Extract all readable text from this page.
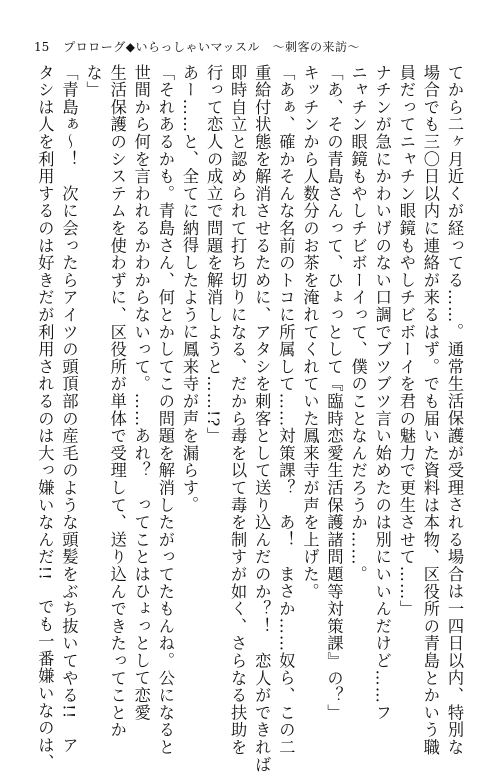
15 プロローグ◆いらっしゃいマッスル　〜刺客の来訪〜
てから二ヶ月近くが経ってる……。通常生活保護が受理される場合は一四日以内、特別な
場合でも三〇日以内に連絡が来るはず。でも届いた資料は本物、区役所の青島とかいう職
員だってニャチン眼鏡もやしチビボーイを君の魅力で更生させて……」
ナチンが急にかわいげのない口調でブツブツ言い始めたのは別にいいんだけど……フ
ニャチン眼鏡もやしチビボーイって、僕のことなんだろうか……。
「あ、その青島さんって、ひょっとして『臨時恋愛生活保護諸問題等対策課』の？」
キッチンから人数分のお茶を淹れてくれていた鳳来寺が声を上げた。
「あぁ、確かそんな名前のトコに所属して……対策課？　あ！　まさか……奴ら、この二
重給付状態を解消させるために、アタシを刺客として送り込んだのか？！　恋人ができれば
即時自立と認められて打ち切りになる、だから毒を以て毒を制すが如く、さらなる扶助を
行って恋人の成立で問題を解消しようと……!?」
あー……と、全てに納得したように鳳来寺が声を漏らす。
「それあるかも。青島さん、何とかしてこの問題を解消したがってたもんね。公になると
世間から何を言われるかわからないって。……あれ？　ってことはひょっとして恋愛
生活保護のシステムを使わずに、区役所が単体で受理して、送り込んできたってことか
な」
「青島ぁ〜！　次に会ったらアイツの頭頂部の産毛のような頭髪をぶち抜いてやる!!　ア
タシは人を利用するのは好きだが利用されるのは大っ嫌いなんだ!!　でも一番嫌いなのは、
